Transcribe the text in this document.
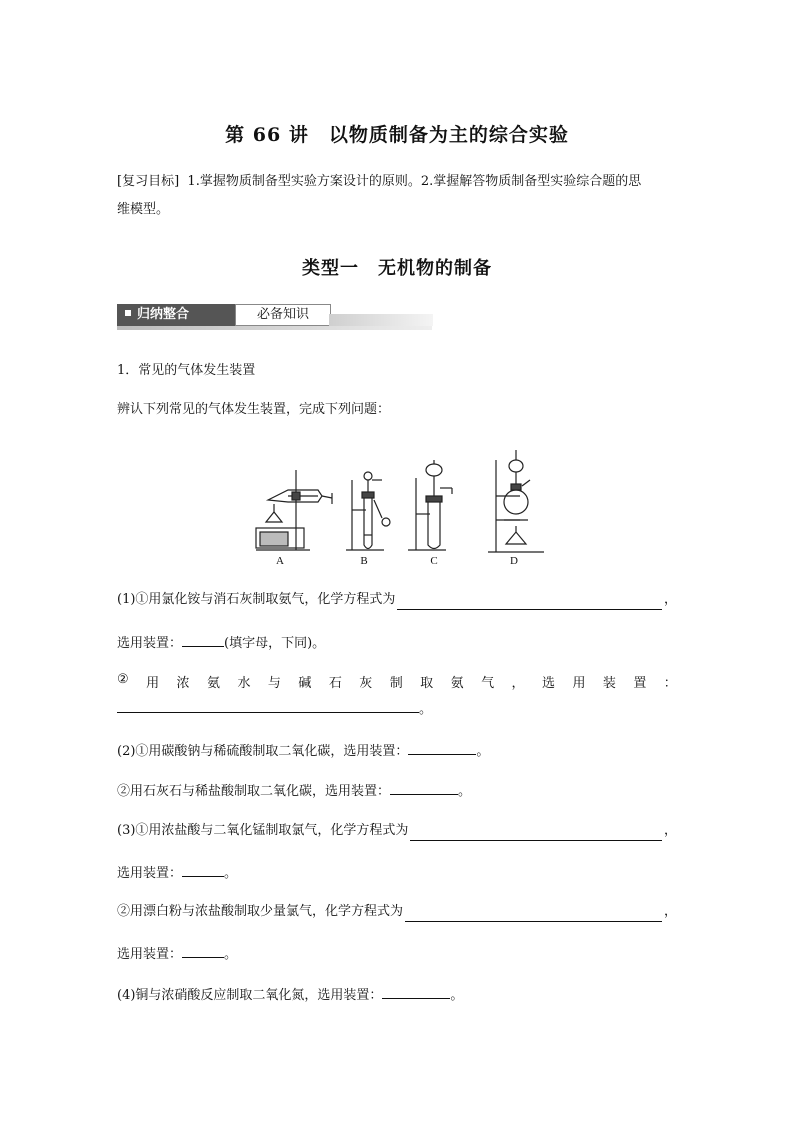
第 66 讲　以物质制备为主的综合实验
[复习目标] 1.掌握物质制备型实验方案设计的原则。2.掌握解答物质制备型实验综合题的思
维模型。
类型一　无机物的制备
归纳整合	必备知识
1．常见的气体发生装置
辨认下列常见的气体发生装置，完成下列问题：
A	B	C	D
(1)①用氯化铵与消石灰制取氨气，化学方程式为	，
选用装置：	(填字母，下同)。
② 用 浓 氨 水 与 碱 石 灰 制 取 氨 气 ， 选 用 装 置 ：
。
(2)①用碳酸钠与稀硫酸制取二氧化碳，选用装置：	。
②用石灰石与稀盐酸制取二氧化碳，选用装置：	。
(3)①用浓盐酸与二氧化锰制取氯气，化学方程式为	，
选用装置：	。
②用漂白粉与浓盐酸制取少量氯气，化学方程式为	，
选用装置：	。
(4)铜与浓硝酸反应制取二氧化氮，选用装置：	。
